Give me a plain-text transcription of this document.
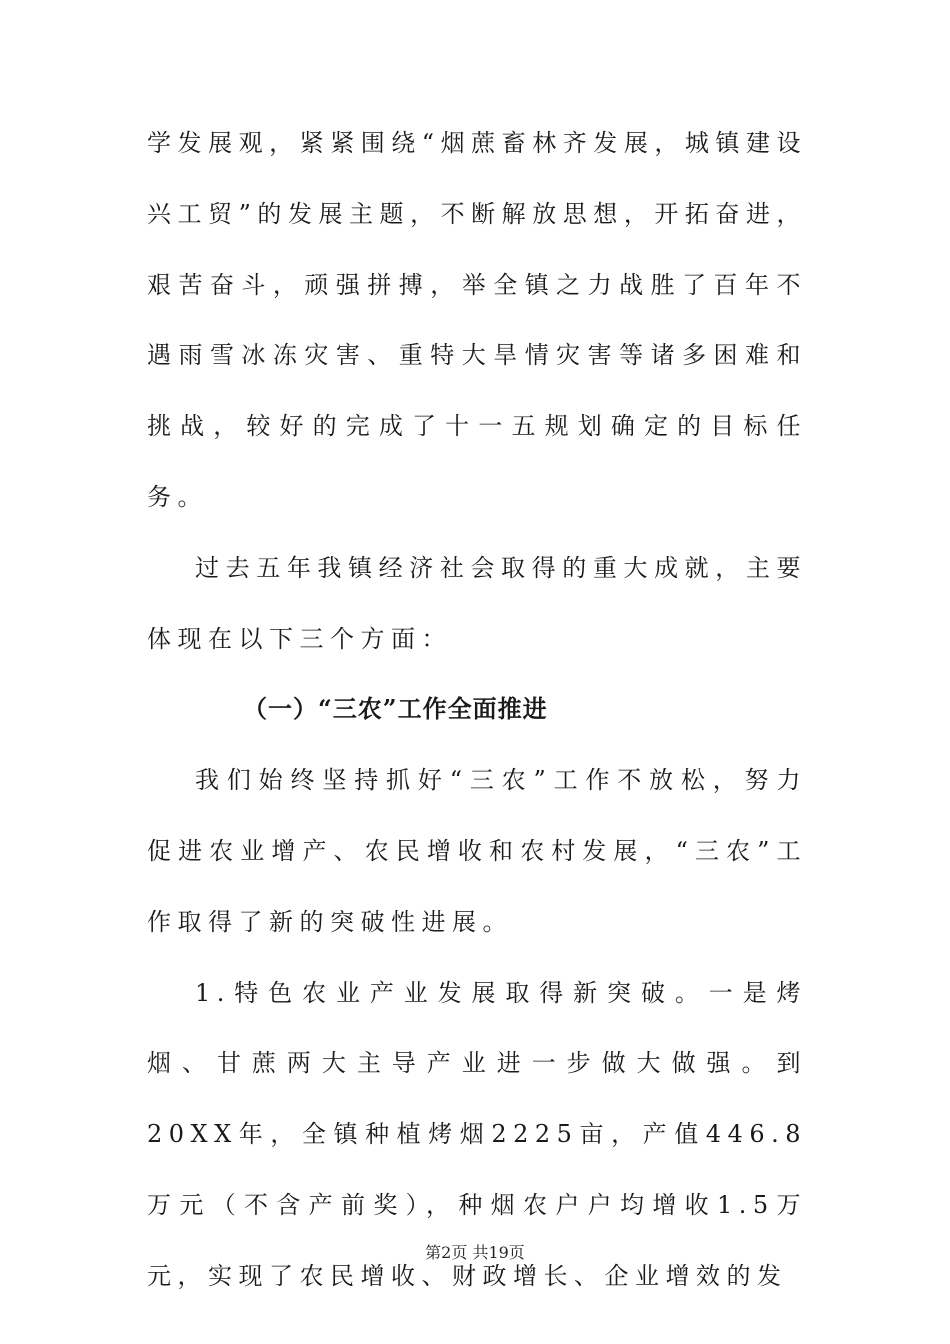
学发展观，紧紧围绕“烟蔗畜林齐发展，城镇建设兴工贸”的发展主题，不断解放思想，开拓奋进，艰苦奋斗，顽强拼搏，举全镇之力战胜了百年不遇雨雪冰冻灾害、重特大旱情灾害等诸多困难和挑战，较好的完成了十一五规划确定的目标任务。

过去五年我镇经济社会取得的重大成就，主要体现在以下三个方面：

（一）“三农”工作全面推进

我们始终坚持抓好“三农”工作不放松，努力促进农业增产、农民增收和农村发展，“三农”工作取得了新的突破性进展。

1.特色农业产业发展取得新突破。一是烤烟、甘蔗两大主导产业进一步做大做强。到20XX年，全镇种植烤烟2225亩，产值446.8万元（不含产前奖），种烟农户户均增收1.5万元，实现了农民增收、财政增长、企业增效的发

第2页 共19页
